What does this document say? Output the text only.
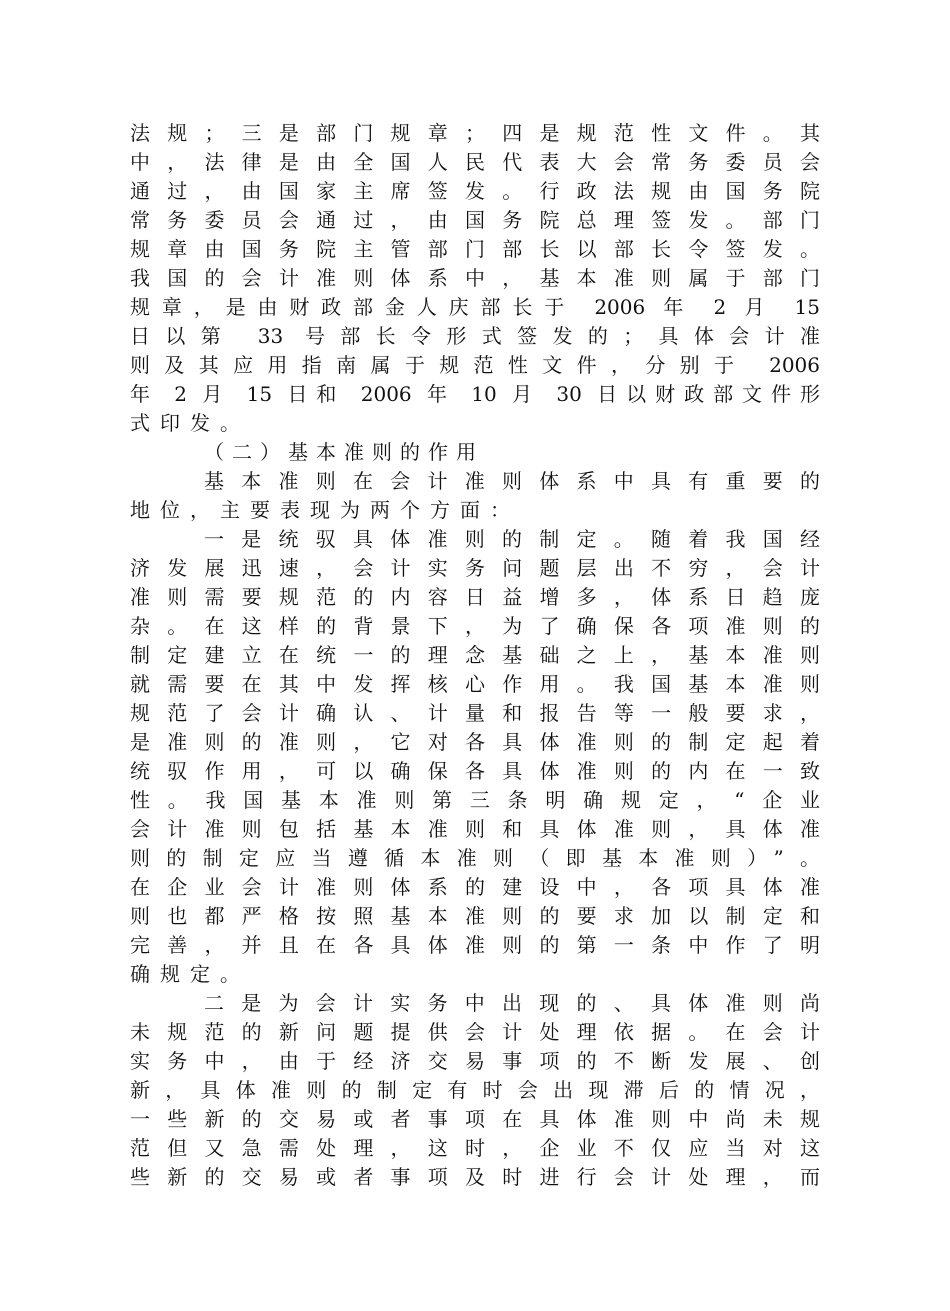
法规；三是部门规章；四是规范性文件。其
中，法律是由全国人民代表大会常务委员会
通过，由国家主席签发。行政法规由国务院
常务委员会通过，由国务院总理签发。部门
规章由国务院主管部门部长以部长令签发。
我国的会计准则体系中，基本准则属于部门
规章，是由财政部金人庆部长于 2006 年 2 月 15
日以第 33 号部长令形式签发的；具体会计准
则及其应用指南属于规范性文件，分别于 2006
年 2 月 15 日和 2006 年 10 月 30 日以财政部文件形
式印发。
（二）基本准则的作用
基本准则在会计准则体系中具有重要的
地位，主要表现为两个方面：
一是统驭具体准则的制定。随着我国经
济发展迅速，会计实务问题层出不穷，会计
准则需要规范的内容日益增多，体系日趋庞
杂。在这样的背景下，为了确保各项准则的
制定建立在统一的理念基础之上，基本准则
就需要在其中发挥核心作用。我国基本准则
规范了会计确认、计量和报告等一般要求，
是准则的准则，它对各具体准则的制定起着
统驭作用，可以确保各具体准则的内在一致
性。我国基本准则第三条明确规定，“企业
会计准则包括基本准则和具体准则，具体准
则的制定应当遵循本准则（即基本准则）”。
在企业会计准则体系的建设中，各项具体准
则也都严格按照基本准则的要求加以制定和
完善，并且在各具体准则的第一条中作了明
确规定。
二是为会计实务中出现的、具体准则尚
未规范的新问题提供会计处理依据。在会计
实务中，由于经济交易事项的不断发展、创
新，具体准则的制定有时会出现滞后的情况，
一些新的交易或者事项在具体准则中尚未规
范但又急需处理，这时，企业不仅应当对这
些新的交易或者事项及时进行会计处理，而
